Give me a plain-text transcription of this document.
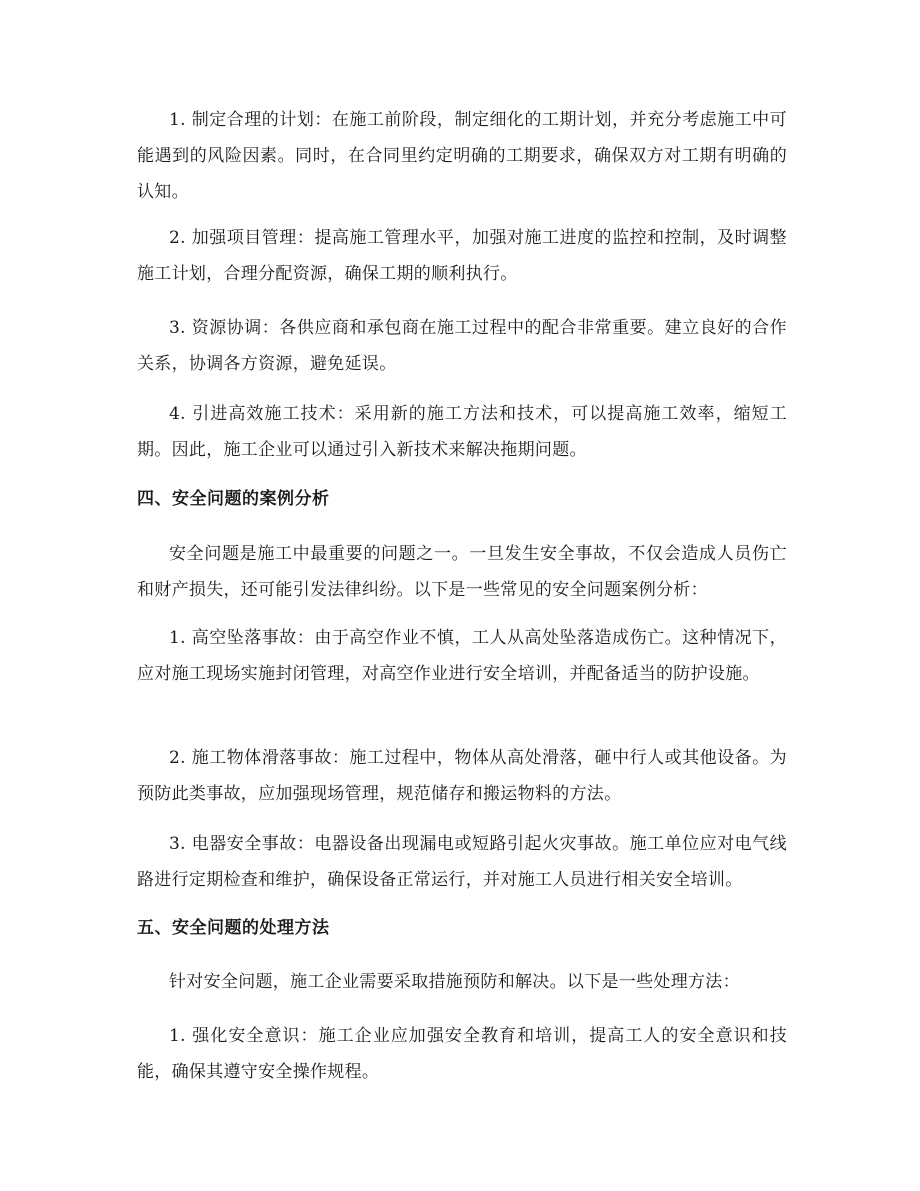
1. 制定合理的计划：在施工前阶段，制定细化的工期计划，并充分考虑施工中可能遇到的风险因素。同时，在合同里约定明确的工期要求，确保双方对工期有明确的认知。

2. 加强项目管理：提高施工管理水平，加强对施工进度的监控和控制，及时调整施工计划，合理分配资源，确保工期的顺利执行。

3. 资源协调：各供应商和承包商在施工过程中的配合非常重要。建立良好的合作关系，协调各方资源，避免延误。

4. 引进高效施工技术：采用新的施工方法和技术，可以提高施工效率，缩短工期。因此，施工企业可以通过引入新技术来解决拖期问题。

四、安全问题的案例分析

安全问题是施工中最重要的问题之一。一旦发生安全事故，不仅会造成人员伤亡和财产损失，还可能引发法律纠纷。以下是一些常见的安全问题案例分析：

1. 高空坠落事故：由于高空作业不慎，工人从高处坠落造成伤亡。这种情况下，应对施工现场实施封闭管理，对高空作业进行安全培训，并配备适当的防护设施。

2. 施工物体滑落事故：施工过程中，物体从高处滑落，砸中行人或其他设备。为预防此类事故，应加强现场管理，规范储存和搬运物料的方法。

3. 电器安全事故：电器设备出现漏电或短路引起火灾事故。施工单位应对电气线路进行定期检查和维护，确保设备正常运行，并对施工人员进行相关安全培训。

五、安全问题的处理方法

针对安全问题，施工企业需要采取措施预防和解决。以下是一些处理方法：

1. 强化安全意识：施工企业应加强安全教育和培训，提高工人的安全意识和技能，确保其遵守安全操作规程。
